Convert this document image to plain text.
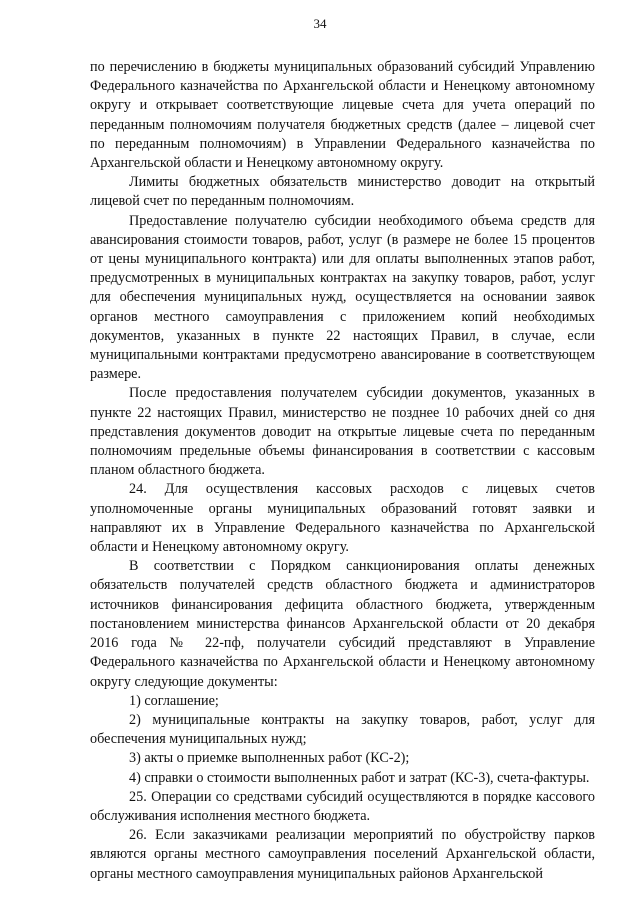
34

по перечислению в бюджеты муниципальных образований субсидий Управлению Федерального казначейства по Архангельской области и Ненецкому автономному округу и открывает соответствующие лицевые счета для учета операций по переданным полномочиям получателя бюджетных средств (далее – лицевой счет по переданным полномочиям) в Управлении Федерального казначейства по Архангельской области и Ненецкому автономному округу.

Лимиты бюджетных обязательств министерство доводит на открытый лицевой счет по переданным полномочиям.

Предоставление получателю субсидии необходимого объема средств для авансирования стоимости товаров, работ, услуг (в размере не более 15 процентов от цены муниципального контракта) или для оплаты выполненных этапов работ, предусмотренных в муниципальных контрактах на закупку товаров, работ, услуг для обеспечения муниципальных нужд, осуществляется на основании заявок органов местного самоуправления с приложением копий необходимых документов, указанных в пункте 22 настоящих Правил, в случае, если муниципальными контрактами предусмотрено авансирование в соответствующем размере.

После предоставления получателем субсидии документов, указанных в пункте 22 настоящих Правил, министерство не позднее 10 рабочих дней со дня представления документов доводит на открытые лицевые счета по переданным полномочиям предельные объемы финансирования в соответствии с кассовым планом областного бюджета.

24. Для осуществления кассовых расходов с лицевых счетов уполномоченные органы муниципальных образований готовят заявки и направляют их в Управление Федерального казначейства по Архангельской области и Ненецкому автономному округу.

В соответствии с Порядком санкционирования оплаты денежных обязательств получателей средств областного бюджета и администраторов источников финансирования дефицита областного бюджета, утвержденным постановлением министерства финансов Архангельской области от 20 декабря 2016 года № 22-пф, получатели субсидий представляют в Управление Федерального казначейства по Архангельской области и Ненецкому автономному округу следующие документы:

1) соглашение;

2) муниципальные контракты на закупку товаров, работ, услуг для обеспечения муниципальных нужд;

3) акты о приемке выполненных работ (КС-2);

4) справки о стоимости выполненных работ и затрат (КС-3), счета-фактуры.

25. Операции со средствами субсидий осуществляются в порядке кассового обслуживания исполнения местного бюджета.

26. Если заказчиками реализации мероприятий по обустройству парков являются органы местного самоуправления поселений Архангельской области, органы местного самоуправления муниципальных районов Архангельской
